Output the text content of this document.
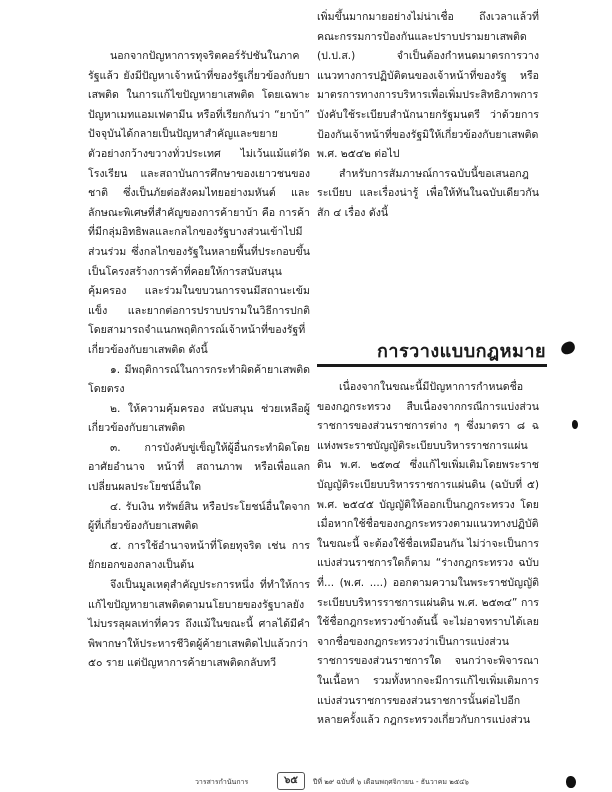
นอกจากปัญหาการทุจริตคอร์รัปชันในภาครัฐแล้ว ยังมีปัญหาเจ้าหน้าที่ของรัฐเกี่ยวข้องกับยาเสพติด ในการแก้ไขปัญหายาเสพติด โดยเฉพาะปัญหาเมทแอมเฟตามีน หรือที่เรียกกันว่า “ยาบ้า” ปัจจุบันได้กลายเป็นปัญหาสำคัญและขยายตัวอย่างกว้างขวางทั่วประเทศ ไม่เว้นแม้แต่วัด โรงเรียน และสถาบันการศึกษาของเยาวชนของชาติ ซึ่งเป็นภัยต่อสังคมไทยอย่างมหันต์ และลักษณะพิเศษที่สำคัญของการค้ายาบ้า คือ การค้าที่มีกลุ่มอิทธิพลและกลไกของรัฐบางส่วนเข้าไปมีส่วนร่วม ซึ่งกลไกของรัฐในหลายพื้นที่ประกอบขึ้นเป็นโครงสร้างการค้าที่คอยให้การสนับสนุนคุ้มครอง และร่วมในขบวนการจนมีสถานะเข้มแข็ง และยากต่อการปราบปรามในวิธีการปกติ โดยสามารถจำแนกพฤติการณ์เจ้าหน้าที่ของรัฐที่เกี่ยวข้องกับยาเสพติด ดังนี้

๑. มีพฤติการณ์ในการกระทำผิดค้ายาเสพติดโดยตรง

๒. ให้ความคุ้มครอง สนับสนุน ช่วยเหลือผู้เกี่ยวข้องกับยาเสพติด

๓. การบังคับขู่เข็ญให้ผู้อื่นกระทำผิดโดยอาศัยอำนาจ หน้าที่ สถานภาพ หรือเพื่อแลกเปลี่ยนผลประโยชน์อื่นใด

๔. รับเงิน ทรัพย์สิน หรือประโยชน์อื่นใดจากผู้ที่เกี่ยวข้องกับยาเสพติด

๕. การใช้อำนาจหน้าที่โดยทุจริต เช่น การยักยอกของกลางเป็นต้น

จึงเป็นมูลเหตุสำคัญประการหนึ่ง ที่ทำให้การแก้ไขปัญหายาเสพติดตามนโยบายของรัฐบาลยังไม่บรรลุผลเท่าที่ควร ถึงแม้ในขณะนี้ ศาลได้มีคำพิพากษาให้ประหารชีวิตผู้ค้ายาเสพติดไปแล้วกว่า ๕๐ ราย แต่ปัญหาการค้ายาเสพติดกลับทวี

เพิ่มขึ้นมากมายอย่างไม่น่าเชื่อ ถึงเวลาแล้วที่คณะกรรมการป้องกันและปราบปรามยาเสพติด (ป.ป.ส.) จำเป็นต้องกำหนดมาตรการวางแนวทางการปฏิบัติตนของเจ้าหน้าที่ของรัฐ หรือมาตรการทางการบริหารเพื่อเพิ่มประสิทธิภาพการบังคับใช้ระเบียบสำนักนายกรัฐมนตรี ว่าด้วยการป้องกันเจ้าหน้าที่ของรัฐมิให้เกี่ยวข้องกับยาเสพติด พ.ศ. ๒๕๔๒ ต่อไป

สำหรับการสัมภาษณ์การฉบับนี้ขอเสนอกฎระเบียบ และเรื่องน่ารู้ เพื่อให้ทันในฉบับเดียวกันสัก ๔ เรื่อง ดังนี้

การวางแบบกฎหมาย

เนื่องจากในขณะนี้มีปัญหาการกำหนดชื่อของกฎกระทรวง สืบเนื่องจากกรณีการแบ่งส่วนราชการของส่วนราชการต่าง ๆ ซึ่งมาตรา ๘ ฉ แห่งพระราชบัญญัติระเบียบบริหารราชการแผ่นดิน พ.ศ. ๒๕๓๔ ซึ่งแก้ไขเพิ่มเติมโดยพระราชบัญญัติระเบียบบริหารราชการแผ่นดิน (ฉบับที่ ๕) พ.ศ. ๒๕๔๕ บัญญัติให้ออกเป็นกฎกระทรวง โดยเมื่อหากใช้ชื่อของกฎกระทรวงตามแนวทางปฏิบัติในขณะนี้ จะต้องใช้ชื่อเหมือนกัน ไม่ว่าจะเป็นการแบ่งส่วนราชการใดก็ตาม “ร่างกฎกระทรวง ฉบับที่... (พ.ศ. ....) ออกตามความในพระราชบัญญัติระเบียบบริหารราชการแผ่นดิน พ.ศ. ๒๕๓๔” การใช้ชื่อกฎกระทรวงข้างต้นนี้ จะไม่อาจทราบได้เลยจากชื่อของกฎกระทรวงว่าเป็นการแบ่งส่วนราชการของส่วนราชการใด จนกว่าจะพิจารณาในเนื้อหา รวมทั้งหากจะมีการแก้ไขเพิ่มเติมการแบ่งส่วนราชการของส่วนราชการนั้นต่อไปอีกหลายครั้งแล้ว กฎกระทรวงเกี่ยวกับการแบ่งส่วน

วารสารกำนันการ	๖๕	ปีที่ ๒๙ ฉบับที่ ๖ เดือนพฤศจิกายน - ธันวาคม ๒๕๔๖
